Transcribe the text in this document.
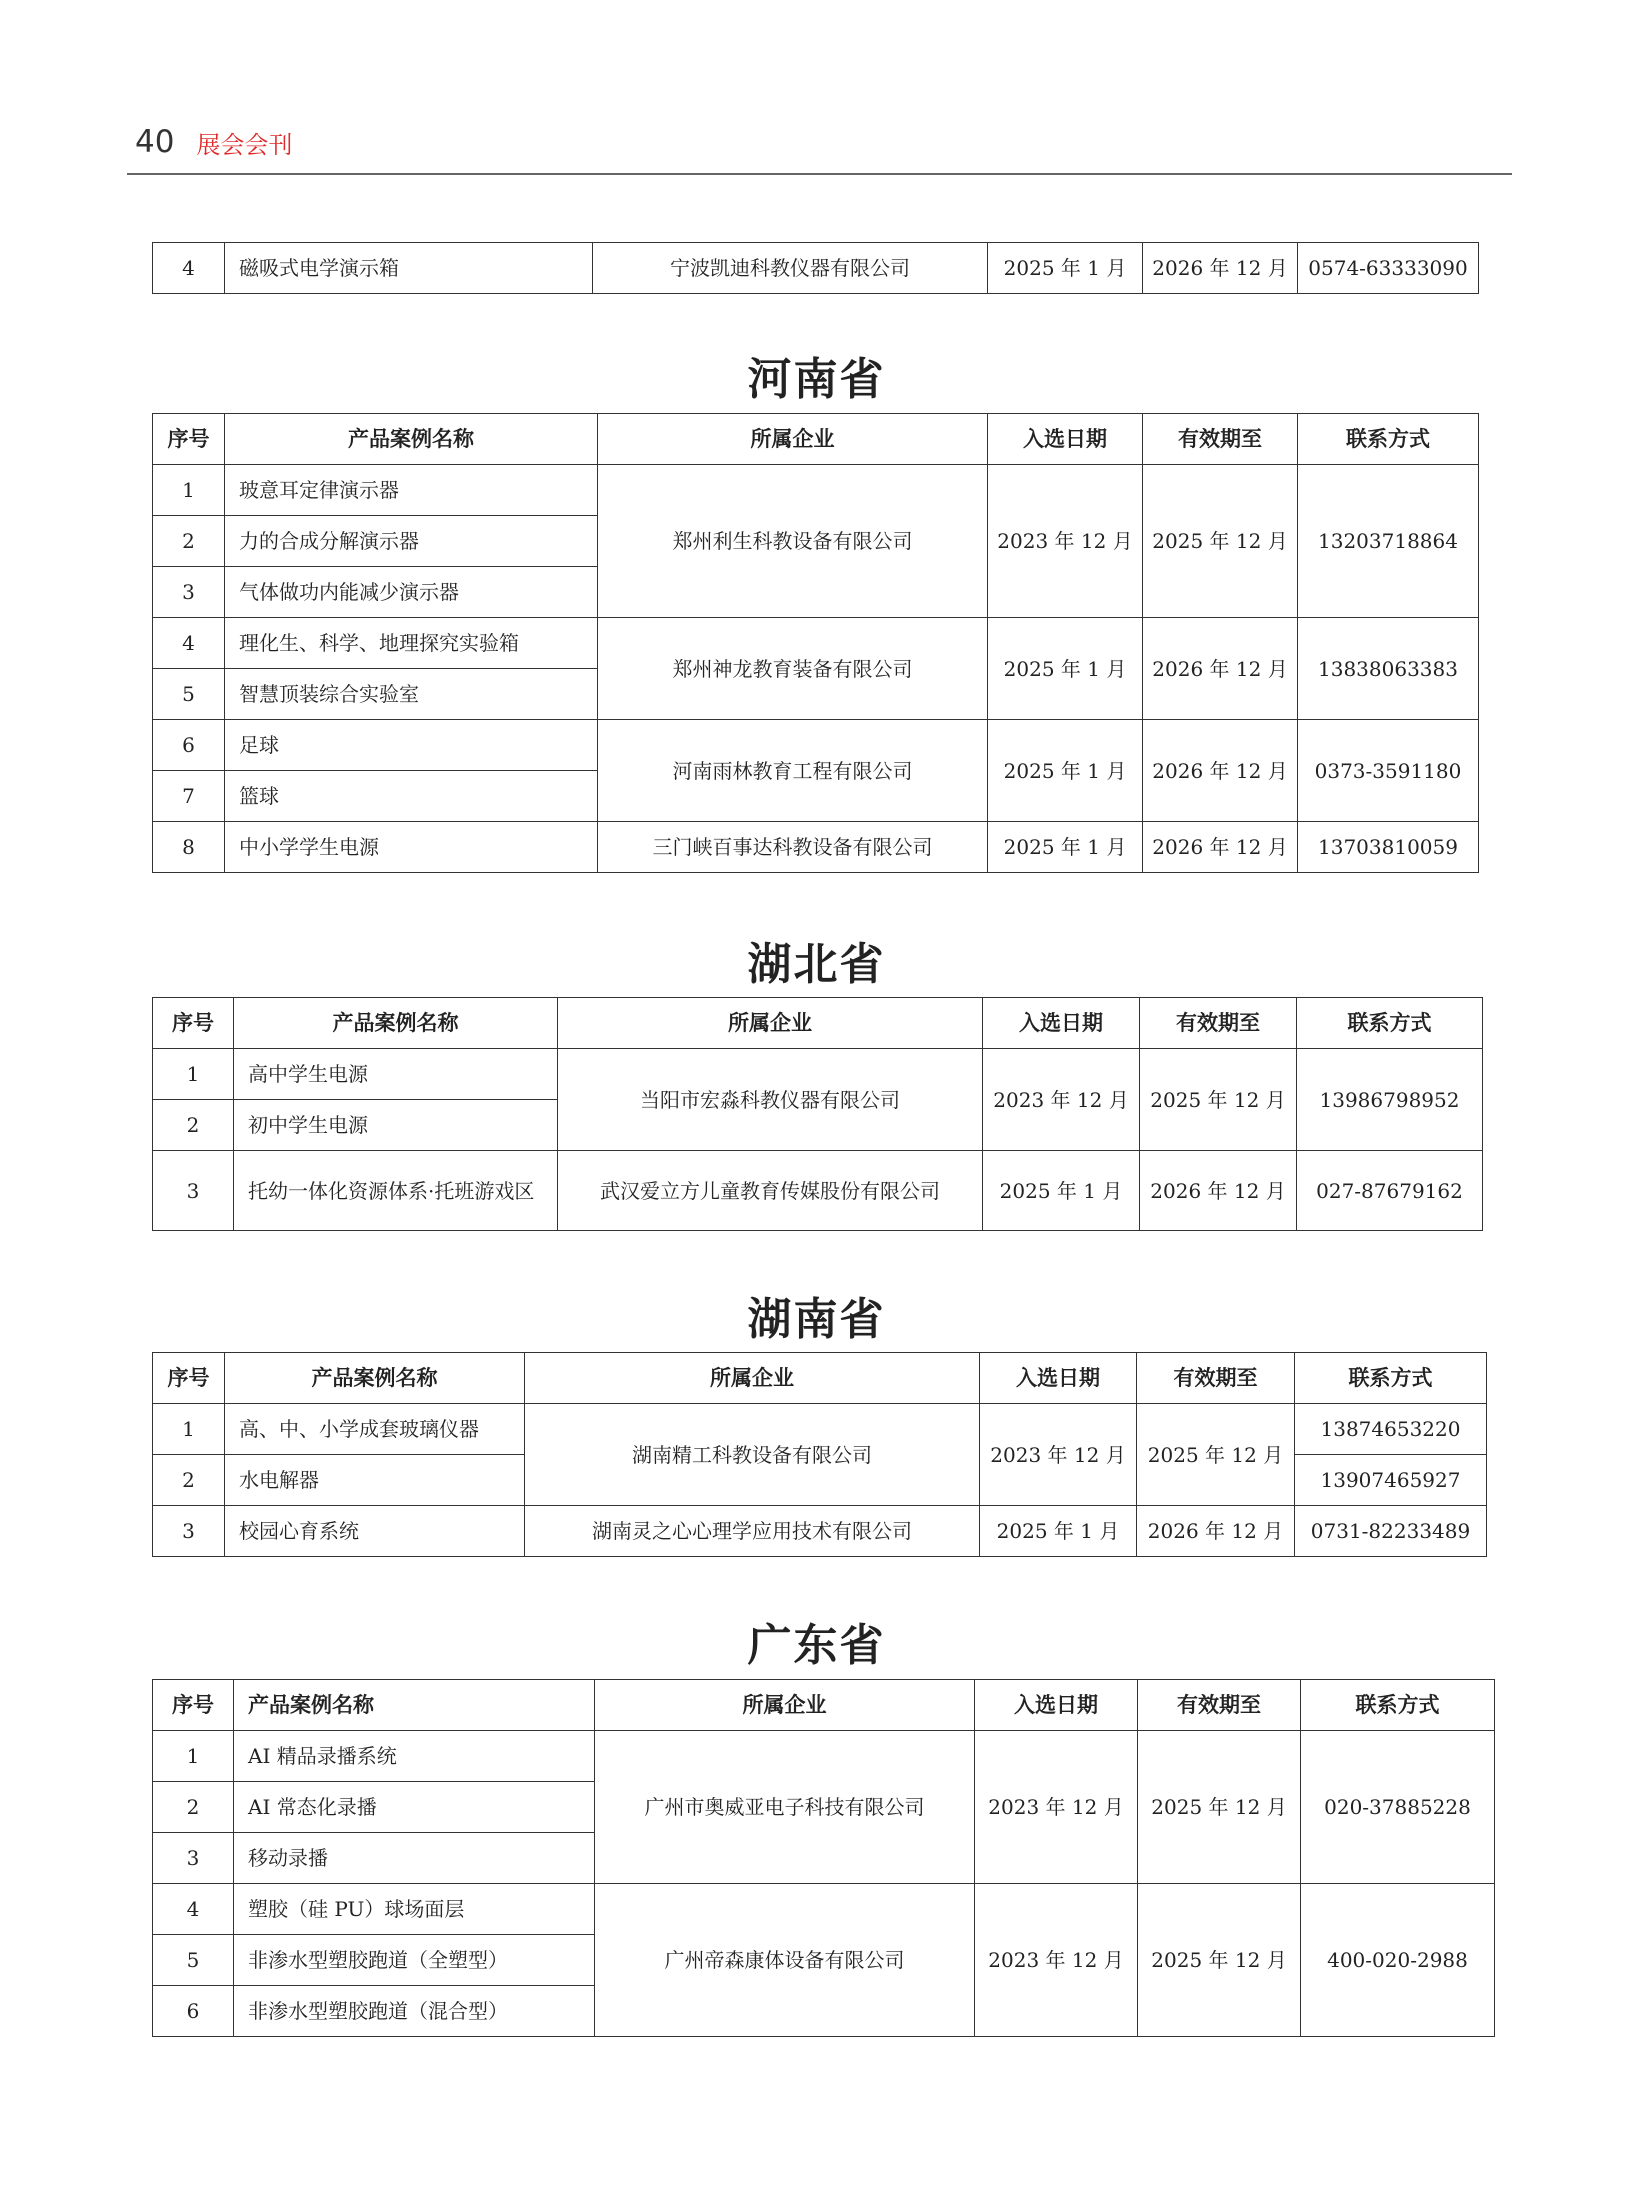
40 展会会刊
4	磁吸式电学演示箱	宁波凯迪科教仪器有限公司	2025 年 1 月	2026 年 12 月	0574-63333090
河南省
序号	产品案例名称	所属企业	入选日期	有效期至	联系方式
1	玻意耳定律演示器	郑州利生科教设备有限公司	2023 年 12 月	2025 年 12 月	13203718864
2	力的合成分解演示器				
3	气体做功内能减少演示器				
4	理化生、科学、地理探究实验箱	郑州神龙教育装备有限公司	2025 年 1 月	2026 年 12 月	13838063383
5	智慧顶装综合实验室				
6	足球	河南雨林教育工程有限公司	2025 年 1 月	2026 年 12 月	0373-3591180
7	篮球				
8	中小学学生电源	三门峡百事达科教设备有限公司	2025 年 1 月	2026 年 12 月	13703810059
湖北省
序号	产品案例名称	所属企业	入选日期	有效期至	联系方式
1	高中学生电源	当阳市宏淼科教仪器有限公司	2023 年 12 月	2025 年 12 月	13986798952
2	初中学生电源				
3	托幼一体化资源体系·托班游戏区	武汉爱立方儿童教育传媒股份有限公司	2025 年 1 月	2026 年 12 月	027-87679162
湖南省
序号	产品案例名称	所属企业	入选日期	有效期至	联系方式
1	高、中、小学成套玻璃仪器	湖南精工科教设备有限公司	2023 年 12 月	2025 年 12 月	13874653220
2	水电解器				13907465927
3	校园心育系统	湖南灵之心心理学应用技术有限公司	2025 年 1 月	2026 年 12 月	0731-82233489
广东省
序号	产品案例名称	所属企业	入选日期	有效期至	联系方式
1	AI 精品录播系统	广州市奥威亚电子科技有限公司	2023 年 12 月	2025 年 12 月	020-37885228
2	AI 常态化录播				
3	移动录播				
4	塑胶（硅 PU）球场面层	广州帝森康体设备有限公司	2023 年 12 月	2025 年 12 月	400-020-2988
5	非渗水型塑胶跑道（全塑型）				
6	非渗水型塑胶跑道（混合型）				
